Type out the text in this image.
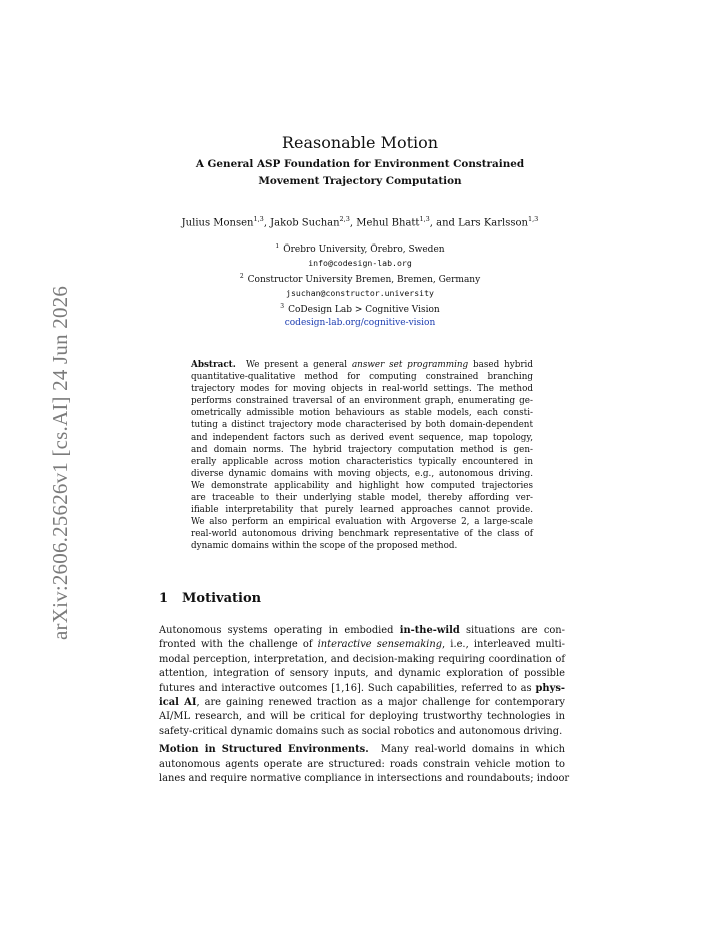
arXiv:2606.25626v1 [cs.AI] 24 Jun 2026
Reasonable Motion
A General ASP Foundation for Environment Constrained
Movement Trajectory Computation
Julius Monsen$^{1,3}$, Jakob Suchan$^{2,3}$, Mehul Bhatt$^{1,3}$, and Lars Karlsson$^{1,3}$
$^1$ Örebro University, Örebro, Sweden
info@codesign-lab.org
$^2$ Constructor University Bremen, Bremen, Germany
jsuchan@constructor.university
$^3$ CoDesign Lab > Cognitive Vision
codesign-lab.org/cognitive-vision
Abstract.  We present a general answer set programming based hybrid
quantitative-qualitative method for computing constrained branching
trajectory modes for moving objects in real-world settings. The method
performs constrained traversal of an environment graph, enumerating ge-
ometrically admissible motion behaviours as stable models, each consti-
tuting a distinct trajectory mode characterised by both domain-dependent
and independent factors such as derived event sequence, map topology,
and domain norms. The hybrid trajectory computation method is gen-
erally applicable across motion characteristics typically encountered in
diverse dynamic domains with moving objects, e.g., autonomous driving.
We demonstrate applicability and highlight how computed trajectories
are traceable to their underlying stable model, thereby affording ver-
ifiable interpretability that purely learned approaches cannot provide.
We also perform an empirical evaluation with Argoverse 2, a large-scale
real-world autonomous driving benchmark representative of the class of
dynamic domains within the scope of the proposed method.
1 Motivation
Autonomous systems operating in embodied in-the-wild situations are con-
fronted with the challenge of interactive sensemaking, i.e., interleaved multi-
modal perception, interpretation, and decision-making requiring coordination of
attention, integration of sensory inputs, and dynamic exploration of possible
futures and interactive outcomes [1,16]. Such capabilities, referred to as phys-
ical AI, are gaining renewed traction as a major challenge for contemporary
AI/ML research, and will be critical for deploying trustworthy technologies in
safety-critical dynamic domains such as social robotics and autonomous driving.
Motion in Structured Environments.  Many real-world domains in which
autonomous agents operate are structured: roads constrain vehicle motion to
lanes and require normative compliance in intersections and roundabouts; indoor
